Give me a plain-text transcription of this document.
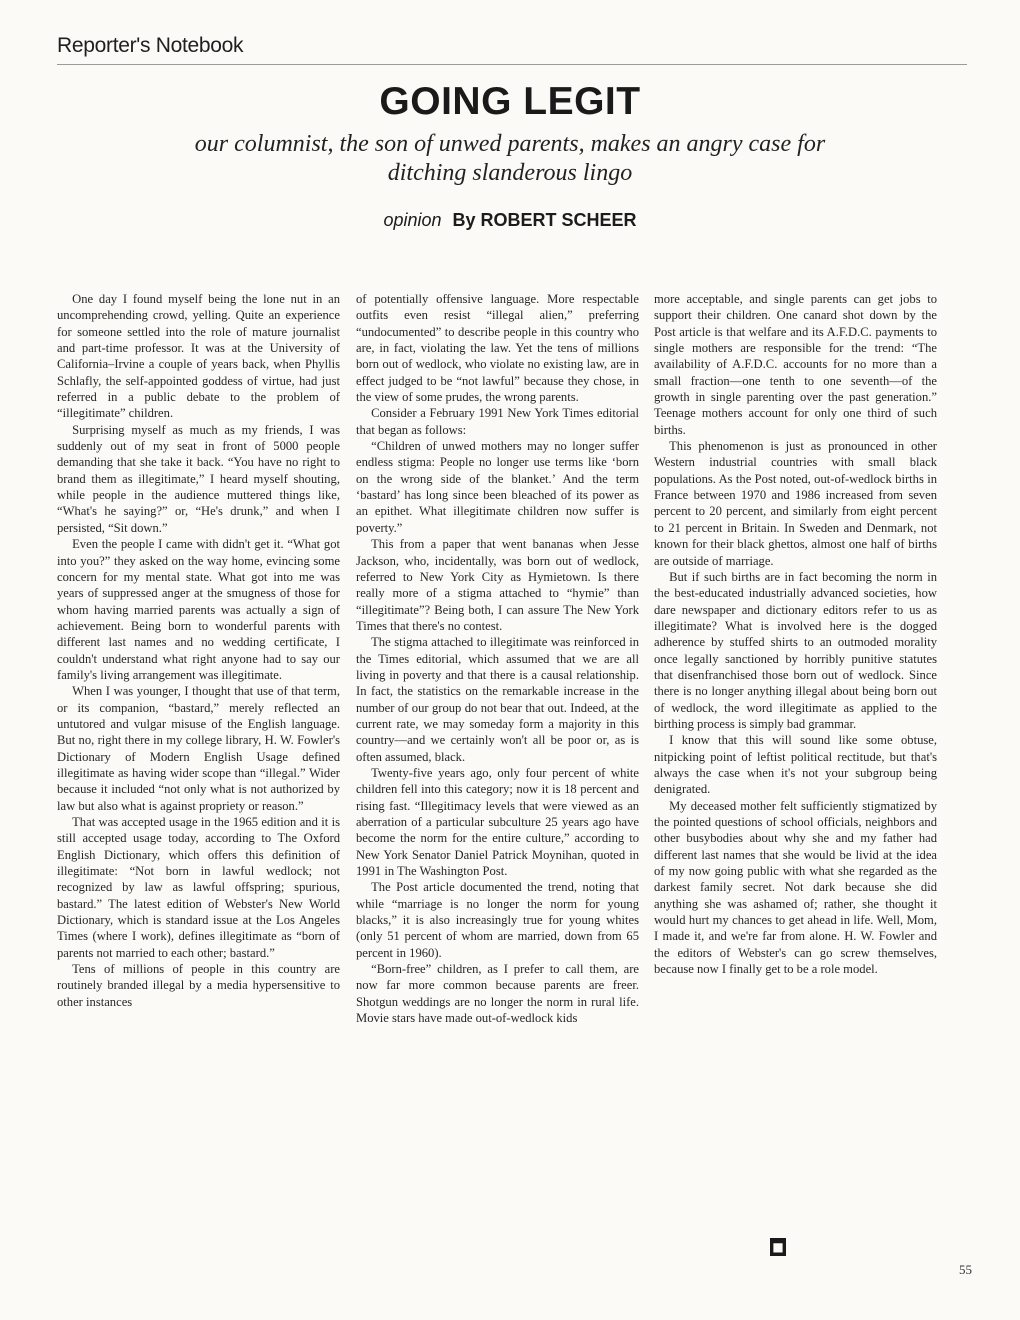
Reporter's Notebook
GOING LEGIT
our columnist, the son of unwed parents, makes an angry case for ditching slanderous lingo
opinion By ROBERT SCHEER

One day I found myself being the lone nut in an uncomprehending crowd, yelling. Quite an experience for someone settled into the role of mature journalist and part-time professor. It was at the University of California–Irvine a couple of years back, when Phyllis Schlafly, the self-appointed goddess of virtue, had just referred in a public debate to the problem of “illegitimate” children.

Surprising myself as much as my friends, I was suddenly out of my seat in front of 5000 people demanding that she take it back. “You have no right to brand them as illegitimate,” I heard myself shouting, while people in the audience muttered things like, “What's he saying?” or, “He's drunk,” and when I persisted, “Sit down.”

Even the people I came with didn't get it. “What got into you?” they asked on the way home, evincing some concern for my mental state. What got into me was years of suppressed anger at the smugness of those for whom having married parents was actually a sign of achievement. Being born to wonderful parents with different last names and no wedding certificate, I couldn't understand what right anyone had to say our family's living arrangement was illegitimate.

When I was younger, I thought that use of that term, or its companion, “bastard,” merely reflected an untutored and vulgar misuse of the English language. But no, right there in my college library, H. W. Fowler's Dictionary of Modern English Usage defined illegitimate as having wider scope than “illegal.” Wider because it included “not only what is not authorized by law but also what is against propriety or reason.”

That was accepted usage in the 1965 edition and it is still accepted usage today, according to The Oxford English Dictionary, which offers this definition of illegitimate: “Not born in lawful wedlock; not recognized by law as lawful offspring; spurious, bastard.” The latest edition of Webster's New World Dictionary, which is standard issue at the Los Angeles Times (where I work), defines illegitimate as “born of parents not married to each other; bastard.”

Tens of millions of people in this country are routinely branded illegal by a media hypersensitive to other instances

of potentially offensive language. More respectable outfits even resist “illegal alien,” preferring “undocumented” to describe people in this country who are, in fact, violating the law. Yet the tens of millions born out of wedlock, who violate no existing law, are in effect judged to be “not lawful” because they chose, in the view of some prudes, the wrong parents.

Consider a February 1991 New York Times editorial that began as follows:

“Children of unwed mothers may no longer suffer endless stigma: People no longer use terms like ‘born on the wrong side of the blanket.’ And the term ‘bastard’ has long since been bleached of its power as an epithet. What illegitimate children now suffer is poverty.”

This from a paper that went bananas when Jesse Jackson, who, incidentally, was born out of wedlock, referred to New York City as Hymietown. Is there really more of a stigma attached to “hymie” than “illegitimate”? Being both, I can assure The New York Times that there's no contest.

The stigma attached to illegitimate was reinforced in the Times editorial, which assumed that we are all living in poverty and that there is a causal relationship. In fact, the statistics on the remarkable increase in the number of our group do not bear that out. Indeed, at the current rate, we may someday form a majority in this country—and we certainly won't all be poor or, as is often assumed, black.

Twenty-five years ago, only four percent of white children fell into this category; now it is 18 percent and rising fast. “Illegitimacy levels that were viewed as an aberration of a particular subculture 25 years ago have become the norm for the entire culture,” according to New York Senator Daniel Patrick Moynihan, quoted in 1991 in The Washington Post.

The Post article documented the trend, noting that while “marriage is no longer the norm for young blacks,” it is also increasingly true for young whites (only 51 percent of whom are married, down from 65 percent in 1960).

“Born-free” children, as I prefer to call them, are now far more common because parents are freer. Shotgun weddings are no longer the norm in rural life. Movie stars have made out-of-wedlock kids

more acceptable, and single parents can get jobs to support their children. One canard shot down by the Post article is that welfare and its A.F.D.C. payments to single mothers are responsible for the trend: “The availability of A.F.D.C. accounts for no more than a small fraction—one tenth to one seventh—of the growth in single parenting over the past generation.” Teenage mothers account for only one third of such births.

This phenomenon is just as pronounced in other Western industrial countries with small black populations. As the Post noted, out-of-wedlock births in France between 1970 and 1986 increased from seven percent to 20 percent, and similarly from eight percent to 21 percent in Britain. In Sweden and Denmark, not known for their black ghettos, almost one half of births are outside of marriage.

But if such births are in fact becoming the norm in the best-educated industrially advanced societies, how dare newspaper and dictionary editors refer to us as illegitimate? What is involved here is the dogged adherence by stuffed shirts to an outmoded morality once legally sanctioned by horribly punitive statutes that disenfranchised those born out of wedlock. Since there is no longer anything illegal about being born out of wedlock, the word illegitimate as applied to the birthing process is simply bad grammar.

I know that this will sound like some obtuse, nitpicking point of leftist political rectitude, but that's always the case when it's not your subgroup being denigrated.

My deceased mother felt sufficiently stigmatized by the pointed questions of school officials, neighbors and other busybodies about why she and my father had different last names that she would be livid at the idea of my now going public with what she regarded as the darkest family secret. Not dark because she did anything she was ashamed of; rather, she thought it would hurt my chances to get ahead in life. Well, Mom, I made it, and we're far from alone. H. W. Fowler and the editors of Webster's can go screw themselves, because now I finally get to be a role model.

■
55
